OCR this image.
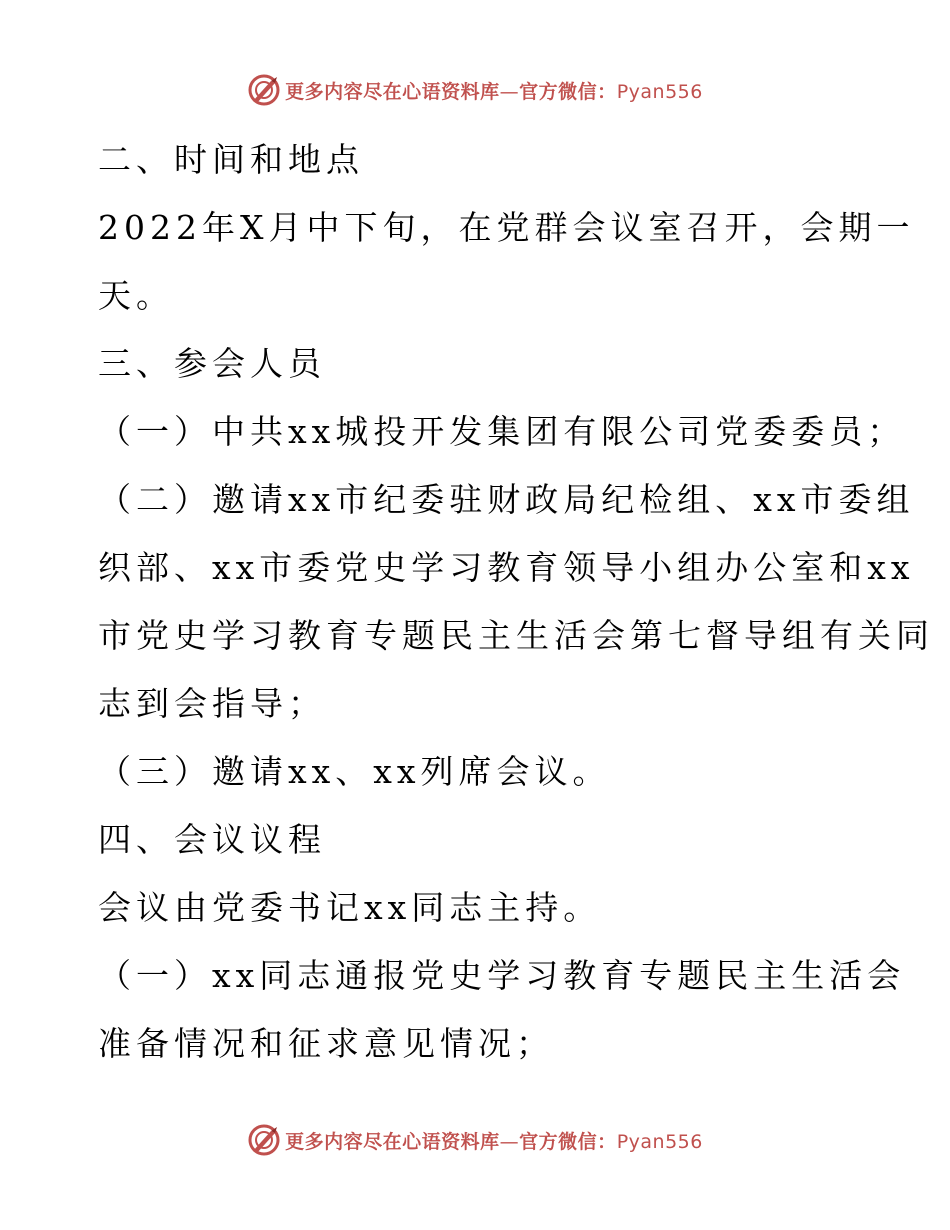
更多内容尽在心语资料库—官方微信：Pyan556
二、时间和地点
2022年X月中下旬，在党群会议室召开，会期一
天。
三、参会人员
（一）中共xx城投开发集团有限公司党委委员；
（二）邀请xx市纪委驻财政局纪检组、xx市委组
织部、xx市委党史学习教育领导小组办公室和xx
市党史学习教育专题民主生活会第七督导组有关同
志到会指导；
（三）邀请xx、xx列席会议。
四、会议议程
会议由党委书记xx同志主持。
（一）xx同志通报党史学习教育专题民主生活会
准备情况和征求意见情况；
更多内容尽在心语资料库—官方微信：Pyan556
